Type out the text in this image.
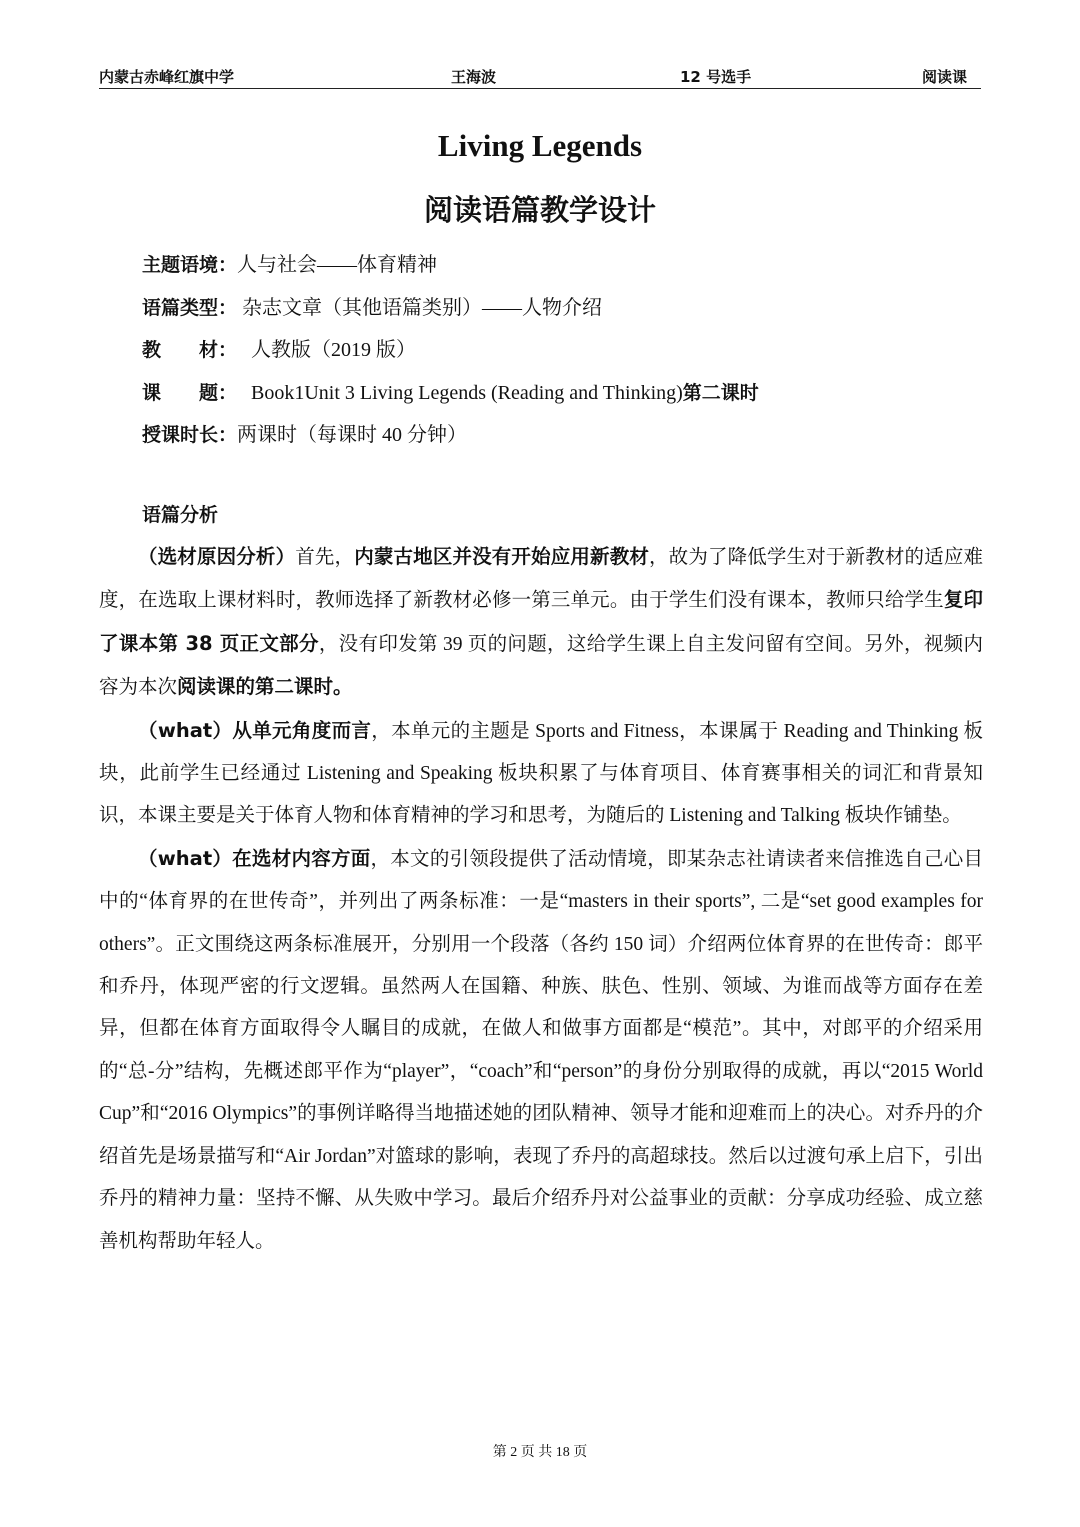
内蒙古赤峰红旗中学	王海波	12 号选手	阅读课
Living Legends
阅读语篇教学设计
主题语境：人与社会——体育精神
语篇类型： 杂志文章（其他语篇类别）——人物介绍
教　　材： 人教版（2019 版）
课　　题： Book1Unit 3 Living Legends (Reading and Thinking)第二课时
授课时长：两课时（每课时 40 分钟）
语篇分析

（选材原因分析）首先，内蒙古地区并没有开始应用新教材，故为了降低学生对于新教材的适应难度，在选取上课材料时，教师选择了新教材必修一第三单元。由于学生们没有课本，教师只给学生复印了课本第 38 页正文部分，没有印发第 39 页的问题，这给学生课上自主发问留有空间。另外，视频内容为本次阅读课的第二课时。

（what）从单元角度而言，本单元的主题是 Sports and Fitness，本课属于 Reading and Thinking 板块，此前学生已经通过 Listening and Speaking 板块积累了与体育项目、体育赛事相关的词汇和背景知识，本课主要是关于体育人物和体育精神的学习和思考，为随后的 Listening and Talking 板块作铺垫。

（what）在选材内容方面，本文的引领段提供了活动情境，即某杂志社请读者来信推选自己心目中的“体育界的在世传奇”，并列出了两条标准：一是“masters in their sports”, 二是“set good examples for others”。正文围绕这两条标准展开，分别用一个段落（各约 150 词）介绍两位体育界的在世传奇：郎平和乔丹，体现严密的行文逻辑。虽然两人在国籍、种族、肤色、性别、领域、为谁而战等方面存在差异，但都在体育方面取得令人瞩目的成就，在做人和做事方面都是“模范”。其中，对郎平的介绍采用的“总-分”结构，先概述郎平作为“player”，“coach”和“person”的身份分别取得的成就，再以“2015 World Cup”和“2016 Olympics”的事例详略得当地描述她的团队精神、领导才能和迎难而上的决心。对乔丹的介绍首先是场景描写和“Air Jordan”对篮球的影响，表现了乔丹的高超球技。然后以过渡句承上启下，引出乔丹的精神力量：坚持不懈、从失败中学习。最后介绍乔丹对公益事业的贡献：分享成功经验、成立慈善机构帮助年轻人。

第 2 页 共 18 页
